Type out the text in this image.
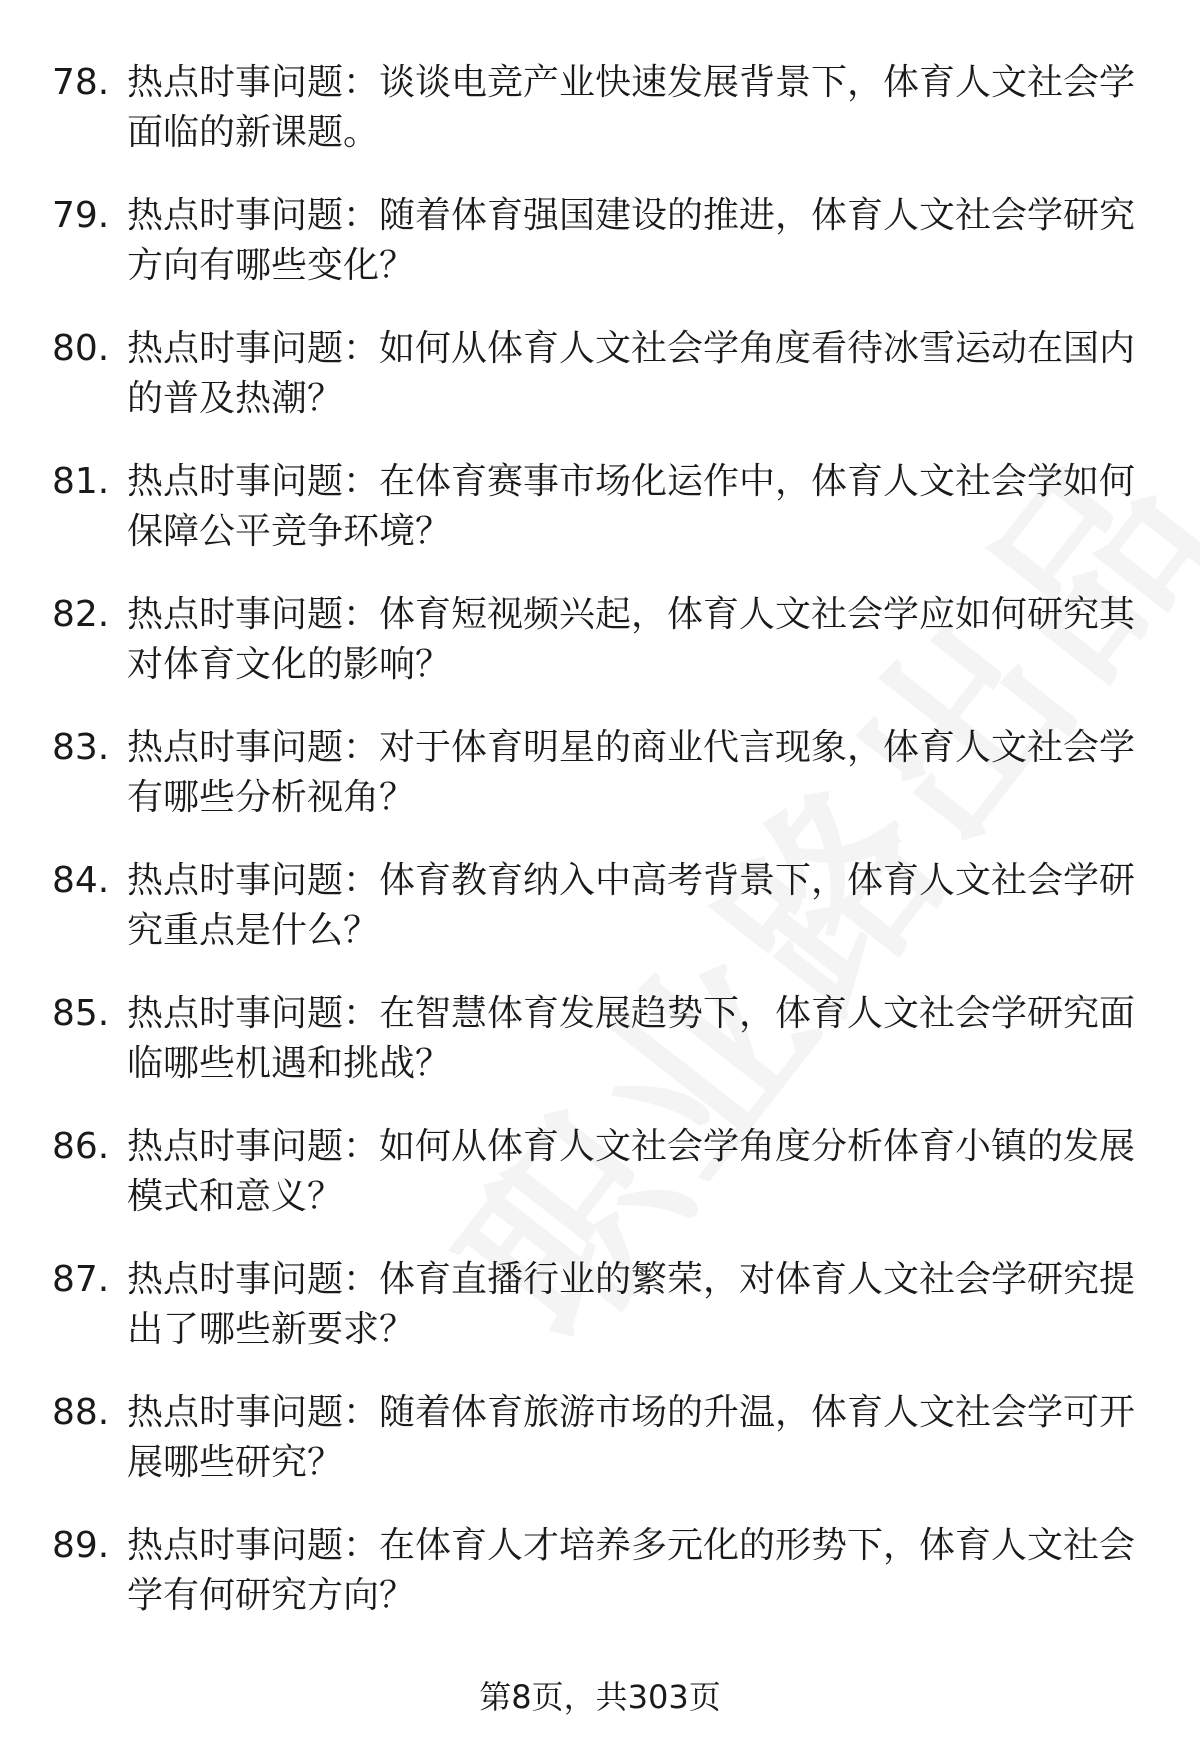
78. 热点时事问题：谈谈电竞产业快速发展背景下，体育人文社会学
面临的新课题。
79. 热点时事问题：随着体育强国建设的推进，体育人文社会学研究
方向有哪些变化？
80. 热点时事问题：如何从体育人文社会学角度看待冰雪运动在国内
的普及热潮？
81. 热点时事问题：在体育赛事市场化运作中，体育人文社会学如何
保障公平竞争环境？
82. 热点时事问题：体育短视频兴起，体育人文社会学应如何研究其
对体育文化的影响？
83. 热点时事问题：对于体育明星的商业代言现象，体育人文社会学
有哪些分析视角？
84. 热点时事问题：体育教育纳入中高考背景下，体育人文社会学研
究重点是什么？
85. 热点时事问题：在智慧体育发展趋势下，体育人文社会学研究面
临哪些机遇和挑战？
86. 热点时事问题：如何从体育人文社会学角度分析体育小镇的发展
模式和意义？
87. 热点时事问题：体育直播行业的繁荣，对体育人文社会学研究提
出了哪些新要求？
88. 热点时事问题：随着体育旅游市场的升温，体育人文社会学可开
展哪些研究？
89. 热点时事问题：在体育人才培养多元化的形势下，体育人文社会
学有何研究方向？
第8页，共303页
